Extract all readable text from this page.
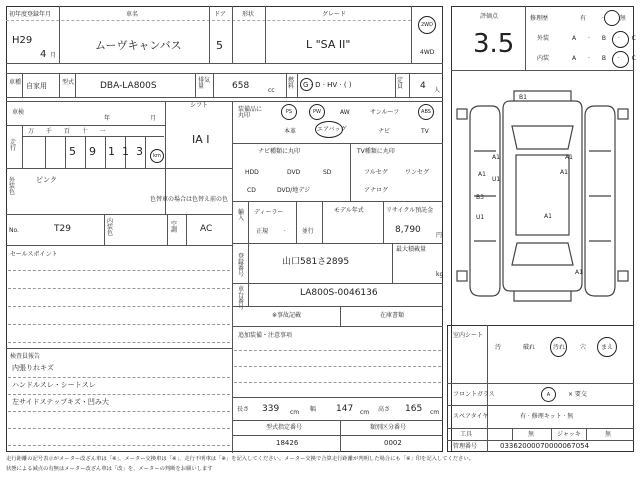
初年度登録年月
H29
4 月
車名
ムーヴキャンバス
ドア
5
形状	グレード
L "SA II"
2WD
4WD
車種 自家用	型式	DBA-LA800S
排気量	658	cc
燃料 G · D · HV · ( )
定員	4 人
車検
年	月
走行
万 千 百 十 一
5 9 1 1 3 km
シフト
IA I
外装色
ピンク
色替車の場合は色替え前の色
No.	T29
内装色
空調	AC
セールスポイント
検査員報告
内張りれキズ
ハンドルスレ・シートスレ
左サイドステップキズ・凹み大
装備品に丸印	PS	PW	AW	サンルーフ	ABS
本革	エアバッグ	ナビ	TV
ナビ種類に丸印
HDD	DVD	SD
CD	DVD/地デジ
TV種類に丸印
フルセグ	ワンセグ
アナログ
輸入
ディーラー
正規 · 並行
モデル年式	リサイクル預託金
8,790
円
登録番号
山口581さ2895
最大積載量
kg
車台番号
LA800S-0046136
※事故記載	在庫書類
追加装備・注意事項
長さ 339 cm 幅 147 cm 高さ 165 cm
型式指定番号
18426
類別区分番号
0002
評価点
3.5
修理歴	有 · 無
外装	A · B · C
内装	A · B · C
B1
A1	A1
U1
A1	A1
B3
U1	A1
A1
室内シート
汚	破れ	汚れ 穴 まえ
フロントガラス	A	× 要交
スペアタイヤ	有 · 修理キット · 無
工具	無	ジャッキ	無
管理番号	03362000070000067054
走行距離の記号表示がメーター改ざん車は「※」、メーター交換車は「※」、走行不明車は「※」を記入してください。メーター交換で合算走行距離が判明した場合にも「※」印を記入してください。
状態による減点の有無はメーター改ざん車は「改」を、メーターの判断をお願いします
